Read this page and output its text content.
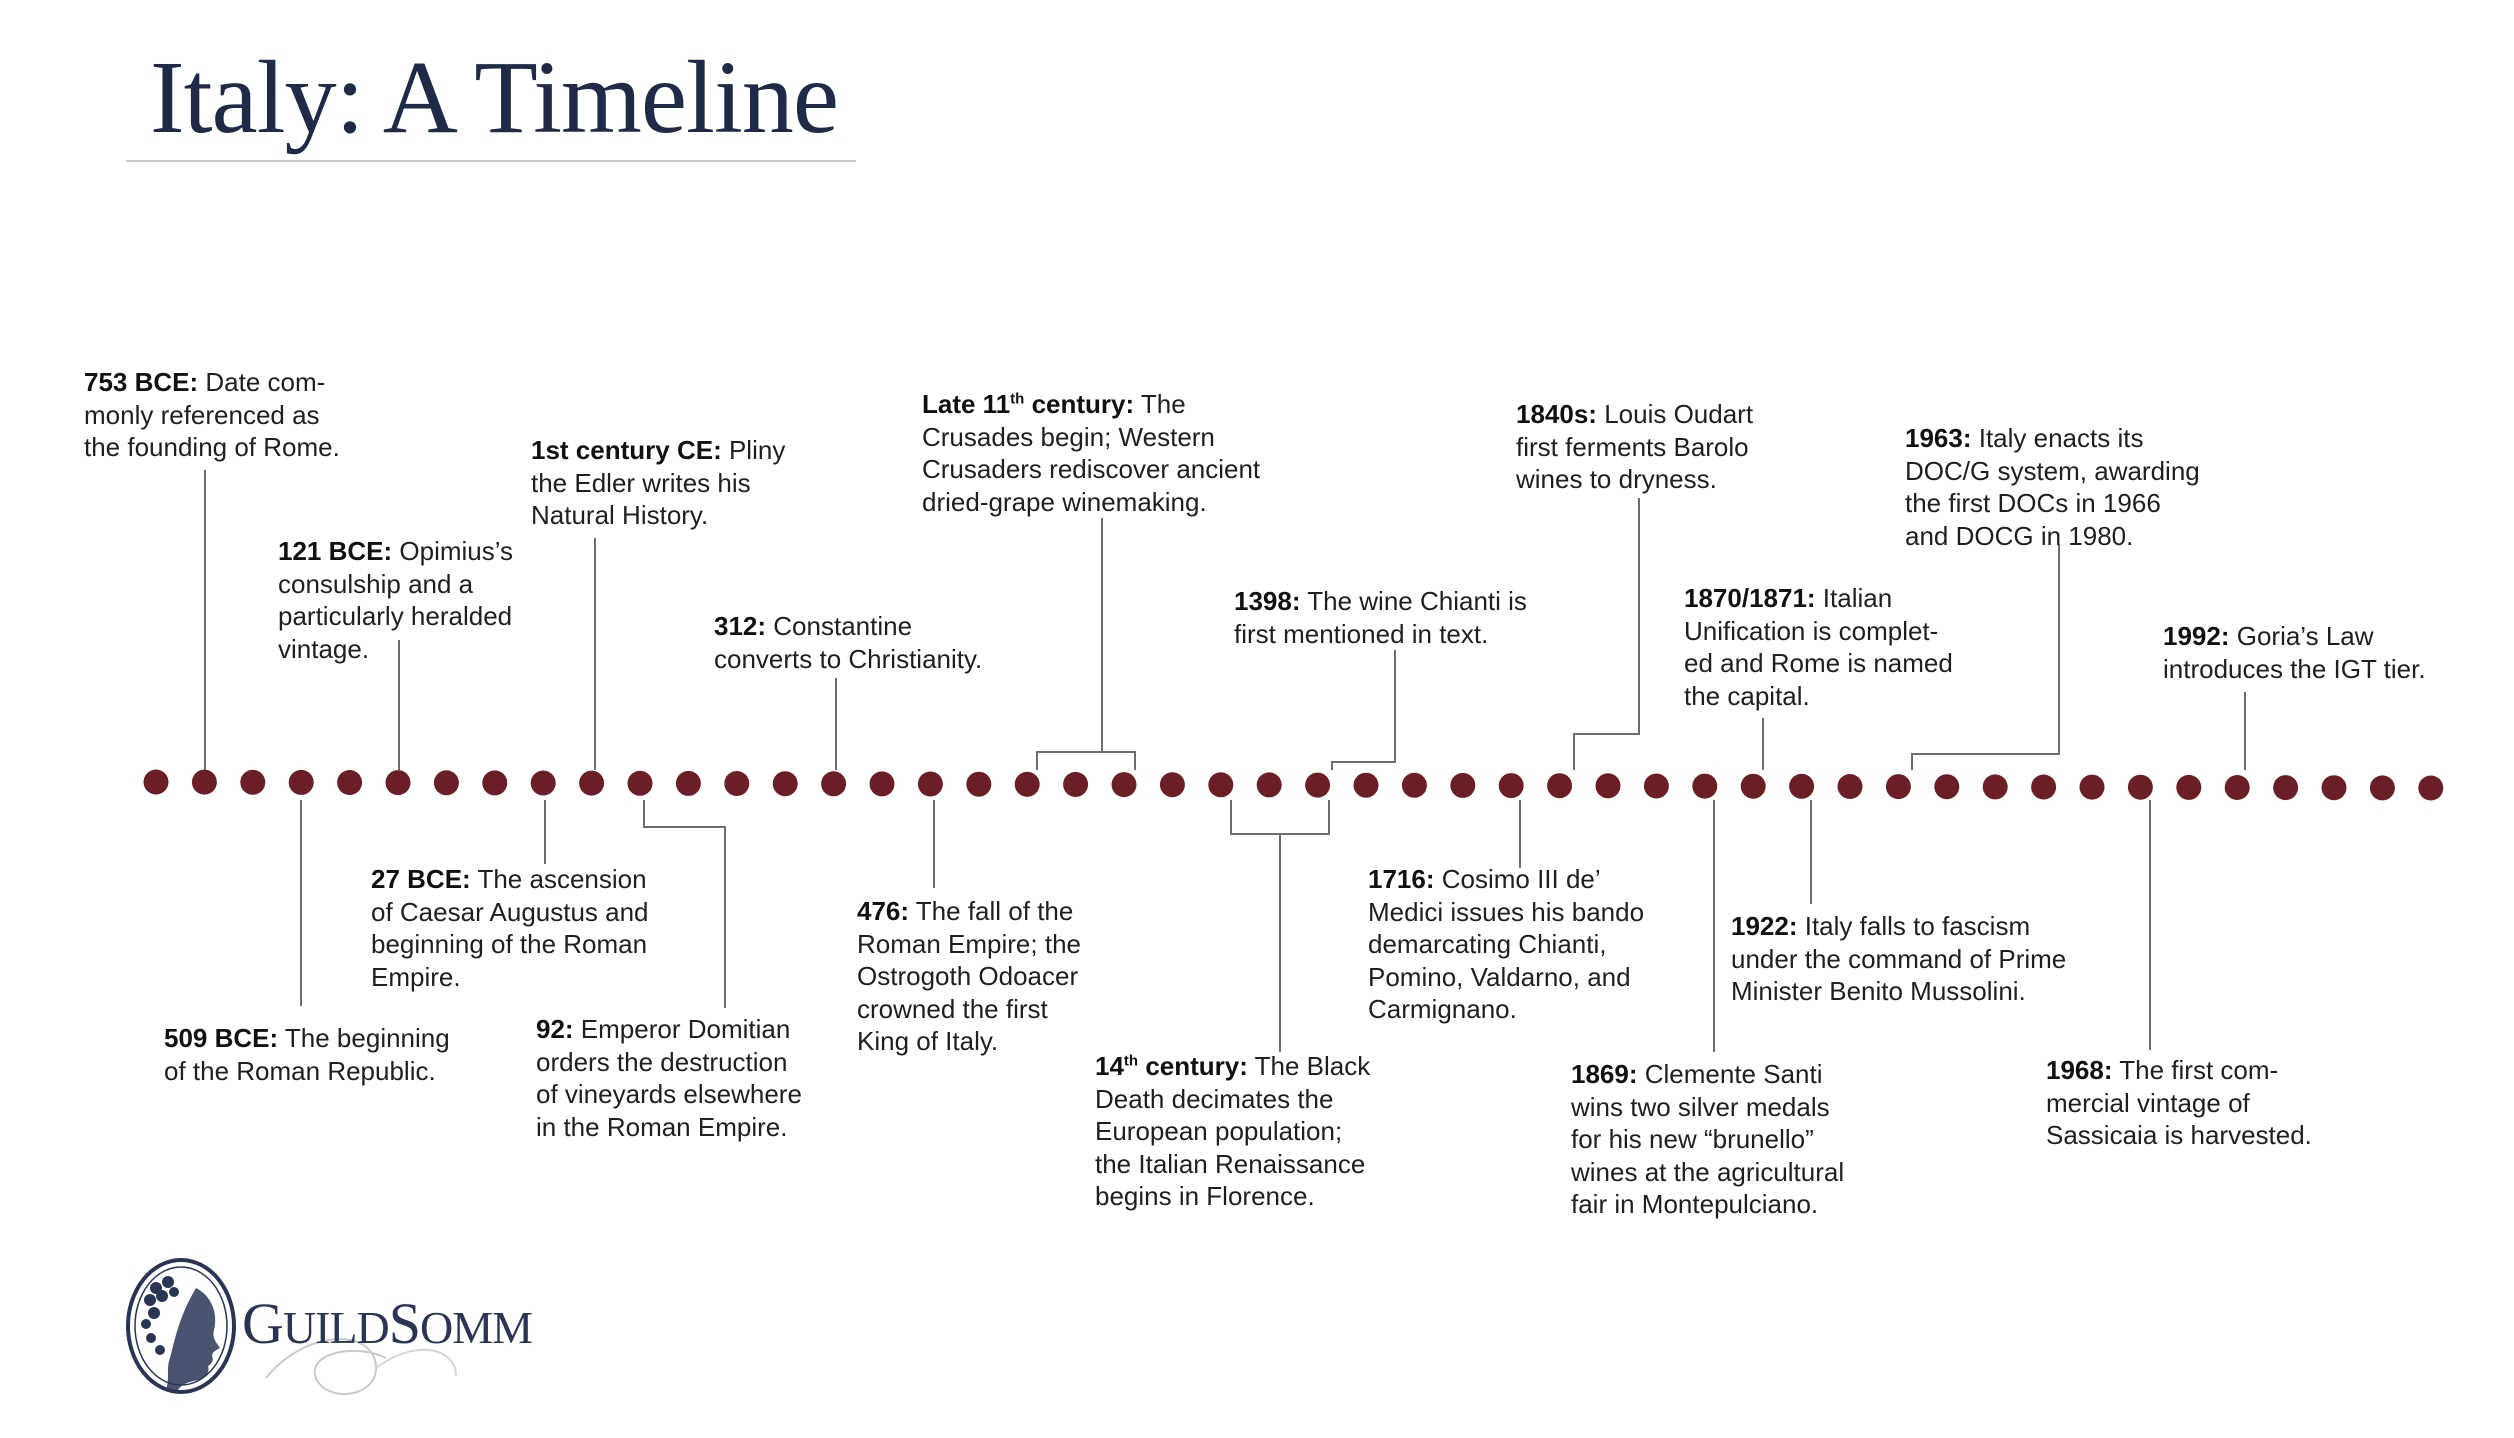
Italy: A Timeline
753 BCE: Date com-
monly referenced as
the founding of Rome.
121 BCE: Opimius’s
consulship and a
particularly heralded
vintage.
1st century CE: Pliny
the Edler writes his
Natural History.
312: Constantine
converts to Christianity.
Late 11th century: The
Crusades begin; Western
Crusaders rediscover ancient
dried-grape winemaking.
1398: The wine Chianti is
first mentioned in text.
1840s: Louis Oudart
first ferments Barolo
wines to dryness.
1870/1871: Italian
Unification is complet-
ed and Rome is named
the capital.
1963: Italy enacts its
DOC/G system, awarding
the first DOCs in 1966
and DOCG in 1980.
1992: Goria’s Law
introduces the IGT tier.
509 BCE: The beginning
of the Roman Republic.
27 BCE: The ascension
of Caesar Augustus and
beginning of the Roman
Empire.
92: Emperor Domitian
orders the destruction
of vineyards elsewhere
in the Roman Empire.
476: The fall of the
Roman Empire; the
Ostrogoth Odoacer
crowned the first
King of Italy.
14th century: The Black
Death decimates the
European population;
the Italian Renaissance
begins in Florence.
1716: Cosimo III de’
Medici issues his bando
demarcating Chianti,
Pomino, Valdarno, and
Carmignano.
1869: Clemente Santi
wins two silver medals
for his new “brunello”
wines at the agricultural
fair in Montepulciano.
1922: Italy falls to fascism
under the command of Prime
Minister Benito Mussolini.
1968: The first com-
mercial vintage of
Sassicaia is harvested.
GUILDSOMM
